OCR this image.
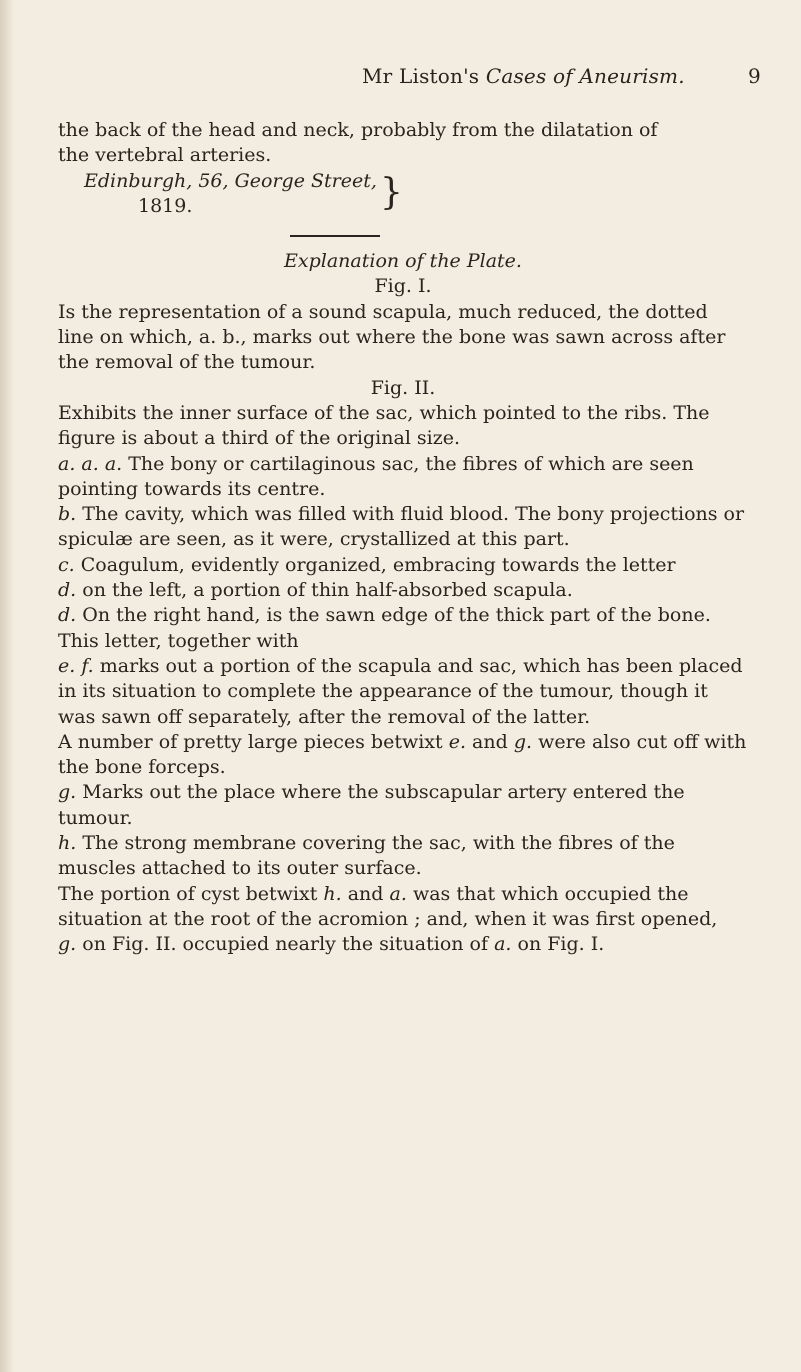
Mr Liston's Cases of Aneurism.	9

the back of the head and neck, probably from the dilatation of

the vertebral arteries.

Edinburgh, 56, George Street,

1819.	}

Explanation of the Plate.

Fig. I.

Is the representation of a sound scapula, much reduced, the dotted line on which, a. b., marks out where the bone was sawn across after the removal of the tumour.

Fig. II.

Exhibits the inner surface of the sac, which pointed to the ribs. The figure is about a third of the original size.

a. a. a. The bony or cartilaginous sac, the fibres of which are seen pointing towards its centre.

b. The cavity, which was filled with fluid blood. The bony projections or spiculæ are seen, as it were, crystallized at this part.

c. Coagulum, evidently organized, embracing towards the letter

d. on the left, a portion of thin half-absorbed scapula.

d. On the right hand, is the sawn edge of the thick part of the bone. This letter, together with

e. f. marks out a portion of the scapula and sac, which has been placed in its situation to complete the appearance of the tumour, though it was sawn off separately, after the removal of the latter.

A number of pretty large pieces betwixt e. and g. were also cut off with the bone forceps.

g. Marks out the place where the subscapular artery entered the tumour.

h. The strong membrane covering the sac, with the fibres of the muscles attached to its outer surface.

The portion of cyst betwixt h. and a. was that which occupied the situation at the root of the acromion ; and, when it was first opened,

g. on Fig. II. occupied nearly the situation of a. on Fig. I.
